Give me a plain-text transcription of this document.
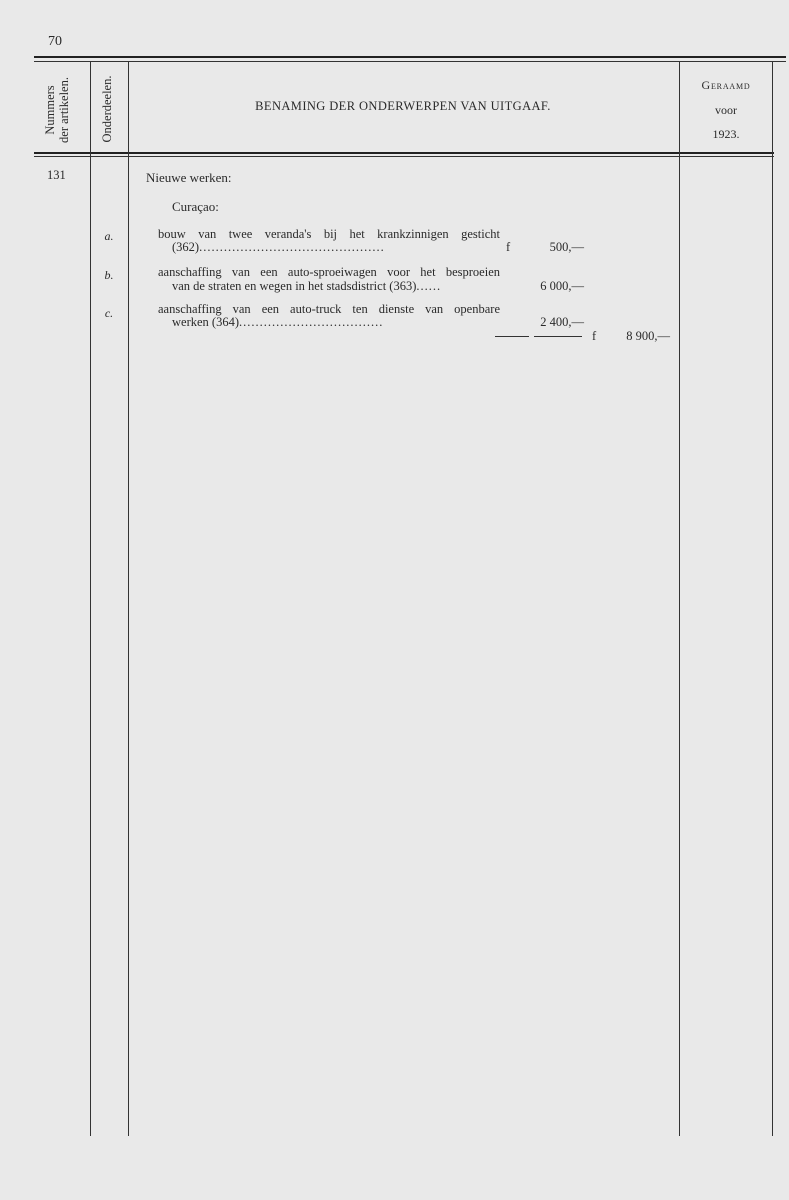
70
Nummers der artikelen. Onderdeelen.	BENAMING DER ONDERWERPEN VAN UITGAAF.
Geraamd
voor
1923.
131	Nieuwe werken:
Curaçao:
a.	bouw van twee veranda's bij het krankzinnigen gesticht
(362).............................................	f	500,—
b.	aanschaffing van een auto-sproeiwagen voor het besproeien
van de straten en wegen in het stadsdistrict (363)......	6 000,—
c.	aanschaffing van een auto-truck ten dienste van openbare
werken (364)...................................	2 400,—
f	8 900,—
